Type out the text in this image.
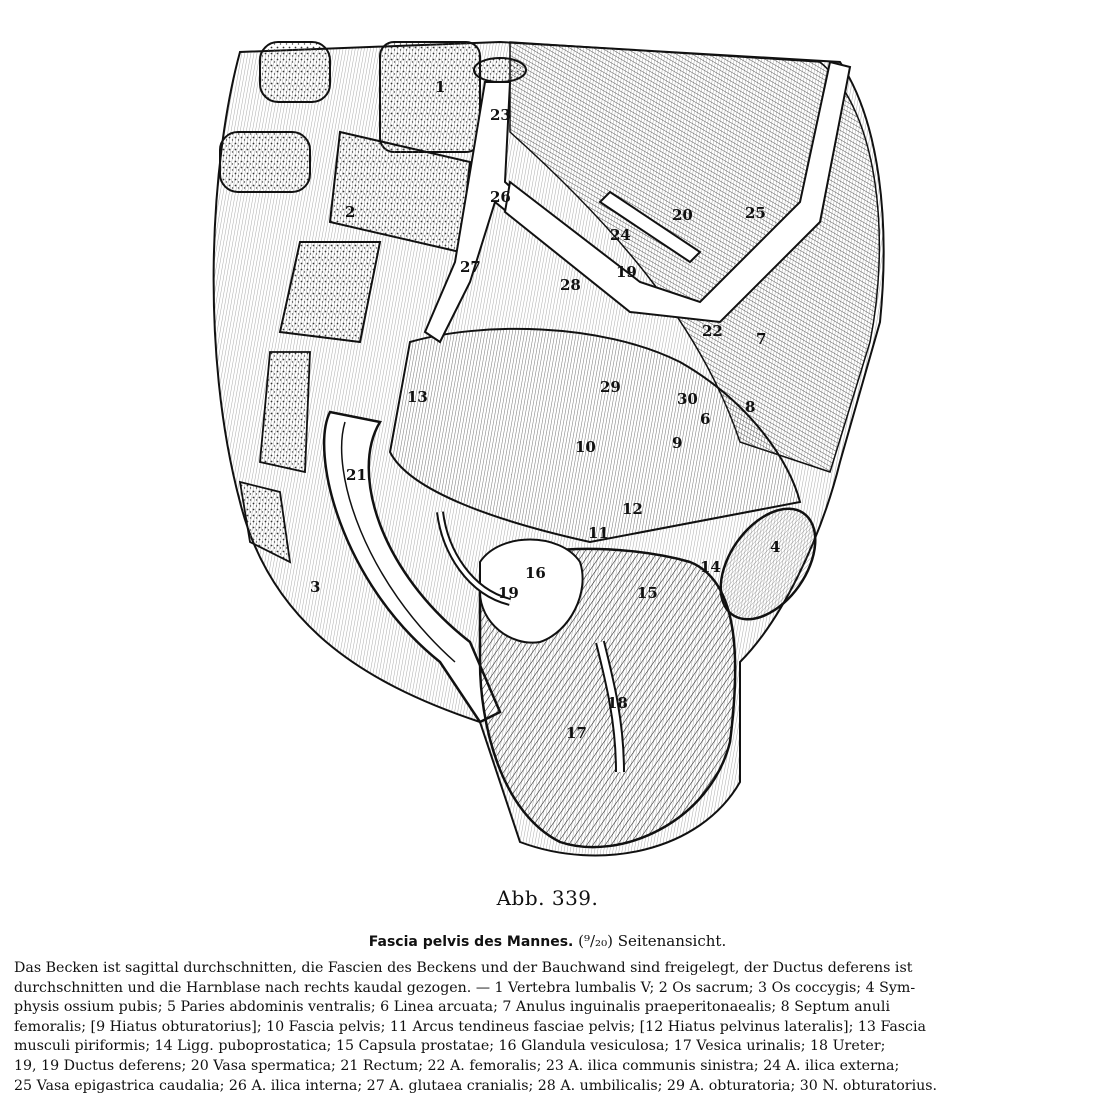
1
2
3
4
6
7
8
9
10
11
12
13
14
15
16
17
18
19
19
20
21
22
23
24
25
26
27
28
29
30
Abb. 339.
Fascia pelvis des Mannes. (⁹/₂₀) Seitenansicht.
Das Becken ist sagittal durchschnitten, die Fascien des Beckens und der Bauchwand sind freigelegt, der Ductus deferens ist
durchschnitten und die Harnblase nach rechts kaudal gezogen. — 1 Vertebra lumbalis V; 2 Os sacrum; 3 Os coccygis; 4 Sym-
physis ossium pubis; 5 Paries abdominis ventralis; 6 Linea arcuata; 7 Anulus inguinalis praeperitonaealis; 8 Septum anuli
femoralis; [9 Hiatus obturatorius]; 10 Fascia pelvis; 11 Arcus tendineus fasciae pelvis; [12 Hiatus pelvinus lateralis]; 13 Fascia
musculi piriformis; 14 Ligg. puboprostatica; 15 Capsula prostatae; 16 Glandula vesiculosa; 17 Vesica urinalis; 18 Ureter;
19, 19 Ductus deferens; 20 Vasa spermatica; 21 Rectum; 22 A. femoralis; 23 A. ilica communis sinistra; 24 A. ilica externa;
25 Vasa epigastrica caudalia; 26 A. ilica interna; 27 A. glutaea cranialis; 28 A. umbilicalis; 29 A. obturatoria; 30 N. obturatorius.
